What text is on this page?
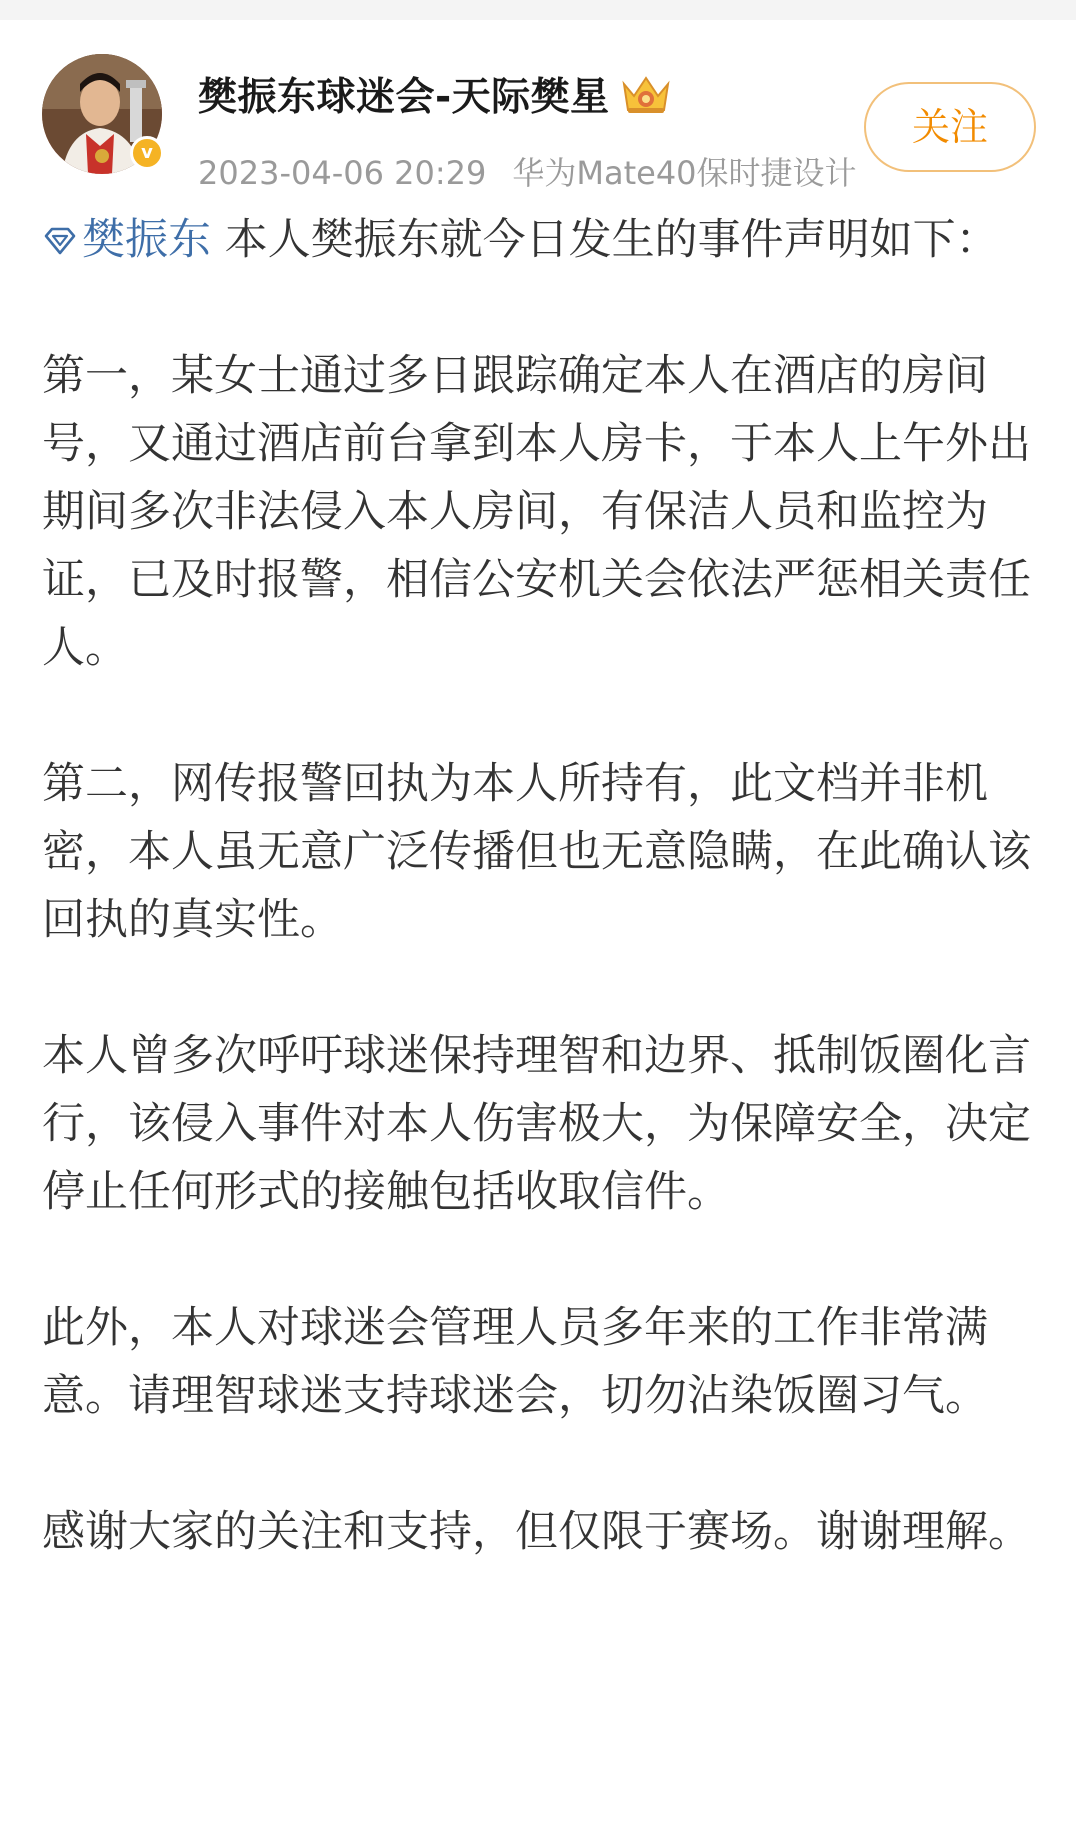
v
樊振东球迷会-天际樊星
2023-04-06 20:29 华为Mate40保时捷设计
关注

樊振东 本人樊振东就今日发生的事件声明如下：

第一，某女士通过多日跟踪确定本人在酒店的房间号，又通过酒店前台拿到本人房卡，于本人上午外出期间多次非法侵入本人房间，有保洁人员和监控为证，已及时报警，相信公安机关会依法严惩相关责任人。

第二，网传报警回执为本人所持有，此文档并非机密，本人虽无意广泛传播但也无意隐瞒，在此确认该回执的真实性。

本人曾多次呼吁球迷保持理智和边界、抵制饭圈化言行，该侵入事件对本人伤害极大，为保障安全，决定停止任何形式的接触包括收取信件。

此外，本人对球迷会管理人员多年来的工作非常满意。请理智球迷支持球迷会，切勿沾染饭圈习气。

感谢大家的关注和支持，但仅限于赛场。谢谢理解。
